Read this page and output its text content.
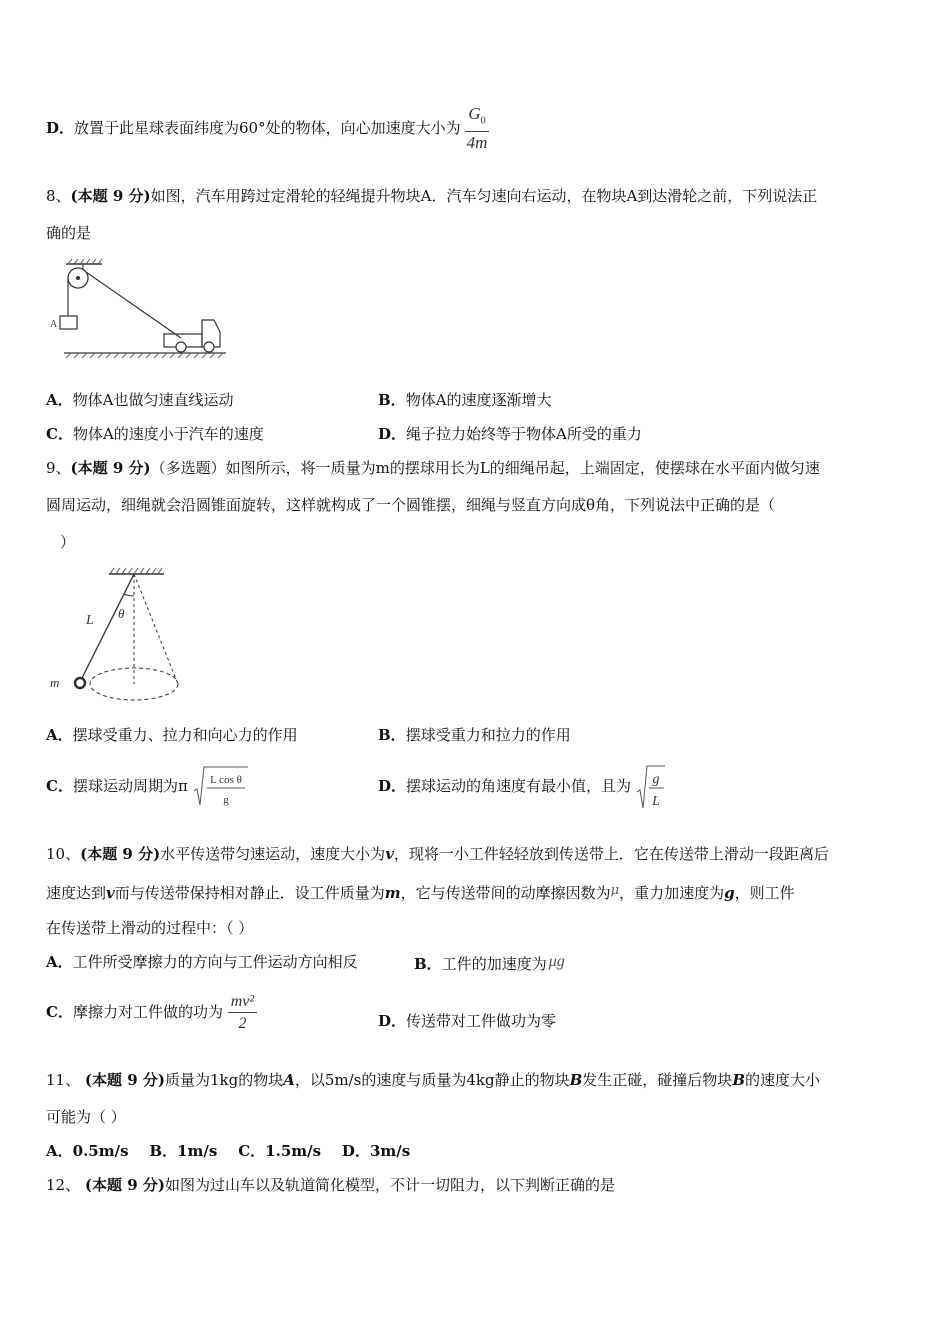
D．放置于此星球表面纬度为60°处的物体，向心加速度大小为 $\frac{G_0}{4m}$
8、(本题 9 分)如图，汽车用跨过定滑轮的轻绳提升物块A．汽车匀速向右运动，在物块A到达滑轮之前，下列说法正
确的是
A
A．物体A也做匀速直线运动	B．物体A的速度逐渐增大
C．物体A的速度小于汽车的速度	D．绳子拉力始终等于物体A所受的重力
9、(本题 9 分)（多选题）如图所示，将一质量为m的摆球用长为L的细绳吊起，上端固定，使摆球在水平面内做匀速
圆周运动，细绳就会沿圆锥面旋转，这样就构成了一个圆锥摆，细绳与竖直方向成θ角，下列说法中正确的是（
）
L θ
m
A．摆球受重力、拉力和向心力的作用	B．摆球受重力和拉力的作用
C．摆球运动周期为π L cos θ
g
D．摆球运动的角速度有最小值，且为 g
L
10、(本题 9 分)水平传送带匀速运动，速度大小为v，现将一小工件轻轻放到传送带上．它在传送带上滑动一段距离后
速度达到v而与传送带保持相对静止．设工件质量为m，它与传送带间的动摩擦因数为μ，重力加速度为g，则工件
在传送带上滑动的过程中：（ ）
A．工件所受摩擦力的方向与工件运动方向相反	B．工件的加速度为 μg
C．摩擦力对工件做的功为 $\frac{\text{mv²}}{2}$	D．传送带对工件做功为零
11、 (本题 9 分)质量为1kg的物块A，以5m/s的速度与质量为4kg静止的物块B发生正碰，碰撞后物块B的速度大小
可能为（ ）
A．0.5m/s    B．1m/s    C．1.5m/s    D．3m/s
12、 (本题 9 分)如图为过山车以及轨道简化模型，不计一切阻力，以下判断正确的是
